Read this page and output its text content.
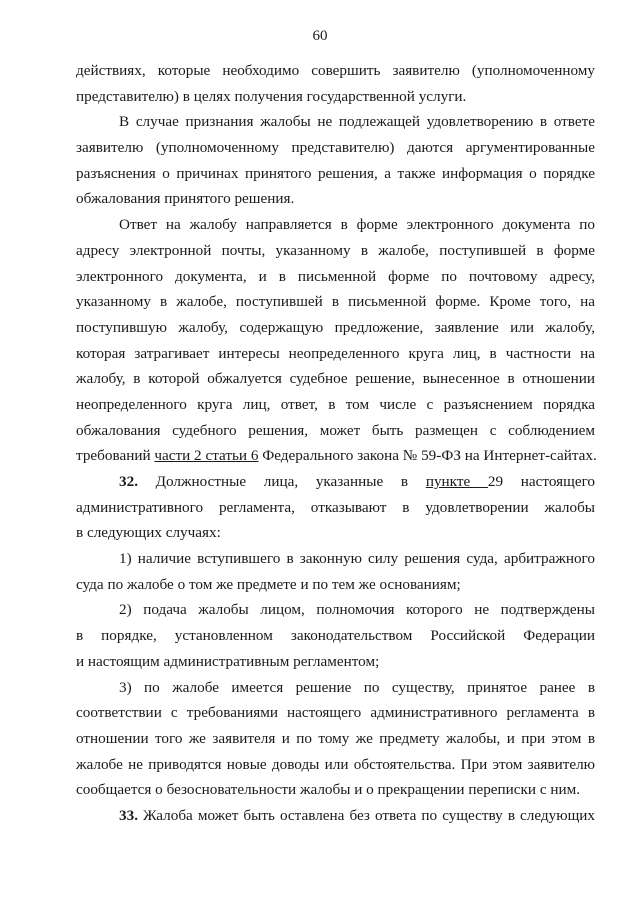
60
действиях, которые необходимо совершить заявителю (уполномоченному
представителю) в целях получения государственной услуги.
В случае признания жалобы не подлежащей удовлетворению в ответе
заявителю (уполномоченному представителю) даются аргументированные
разъяснения о причинах принятого решения, а также информация о порядке
обжалования принятого решения.
Ответ на жалобу направляется в форме электронного документа по
адресу электронной почты, указанному в жалобе, поступившей в форме
электронного документа, и в письменной форме по почтовому адресу,
указанному в жалобе, поступившей в письменной форме. Кроме того, на
поступившую жалобу, содержащую предложение, заявление или жалобу,
которая затрагивает интересы неопределенного круга лиц, в частности на
жалобу, в которой обжалуется судебное решение, вынесенное в отношении
неопределенного круга лиц, ответ, в том числе с разъяснением порядка
обжалования судебного решения, может быть размещен с соблюдением
требований части 2 статьи 6 Федерального закона № 59-ФЗ на Интернет-сайтах.
32. Должностные лица, указанные в пункте 29 настоящего
административного регламента, отказывают в удовлетворении жалобы
в следующих случаях:
1) наличие вступившего в законную силу решения суда, арбитражного
суда по жалобе о том же предмете и по тем же основаниям;
2) подача жалобы лицом, полномочия которого не подтверждены
в порядке, установленном законодательством Российской Федерации
и настоящим административным регламентом;
3) по жалобе имеется решение по существу, принятое ранее в
соответствии с требованиями настоящего административного регламента в
отношении того же заявителя и по тому же предмету жалобы, и при этом в
жалобе не приводятся новые доводы или обстоятельства. При этом заявителю
сообщается о безосновательности жалобы и о прекращении переписки с ним.
33. Жалоба может быть оставлена без ответа по существу в следующих
